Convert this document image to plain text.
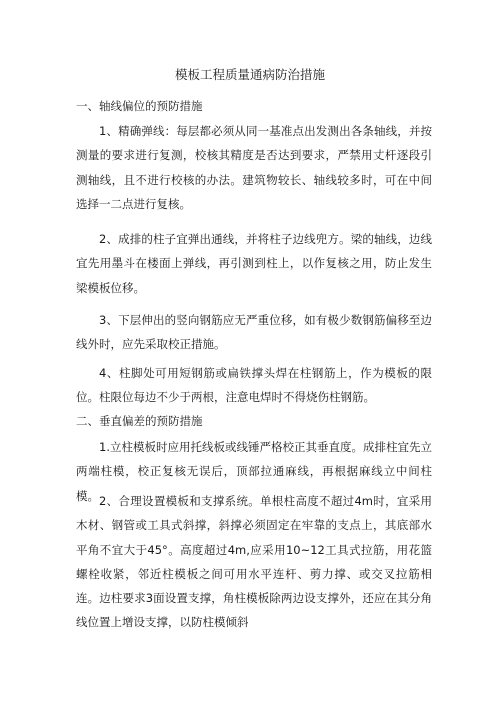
模板工程质量通病防治措施
一、轴线偏位的预防措施

1、精确弹线：每层都必须从同一基准点出发测出各条轴线，并按测量的要求进行复测，校核其精度是否达到要求，严禁用丈杆逐段引测轴线，且不进行校核的办法。建筑物较长、轴线较多时，可在中间选择一二点进行复核。

2、成排的柱子宜弹出通线，并将柱子边线兜方。梁的轴线，边线宜先用墨斗在楼面上弹线，再引测到柱上，以作复核之用，防止发生梁模板位移。

3、下层伸出的竖向钢筋应无严重位移，如有极少数钢筋偏移至边线外时，应先采取校正措施。

4、柱脚处可用短钢筋或扁铁撑头焊在柱钢筋上，作为模板的限位。柱限位每边不少于两根，注意电焊时不得烧伤柱钢筋。

二、垂直偏差的预防措施

1.立柱模板时应用托线板或线锤严格校正其垂直度。成排柱宜先立两端柱模，校正复核无误后，顶部拉通麻线，再根据麻线立中间柱模。 2、合理设置模板和支撑系统。单根柱高度不超过4m时，宜采用木材、钢管或工具式斜撑，斜撑必须固定在牢靠的支点上，其底部水平角不宜大于45°。高度超过4m,应采用10~12工具式拉筋，用花篮螺栓收紧，邻近柱模板之间可用水平连杆、剪力撑、或交叉拉筋相连。边柱要求3面设置支撑，角柱模板除两边设支撑外，还应在其分角线位置上增设支撑，以防柱模倾斜
